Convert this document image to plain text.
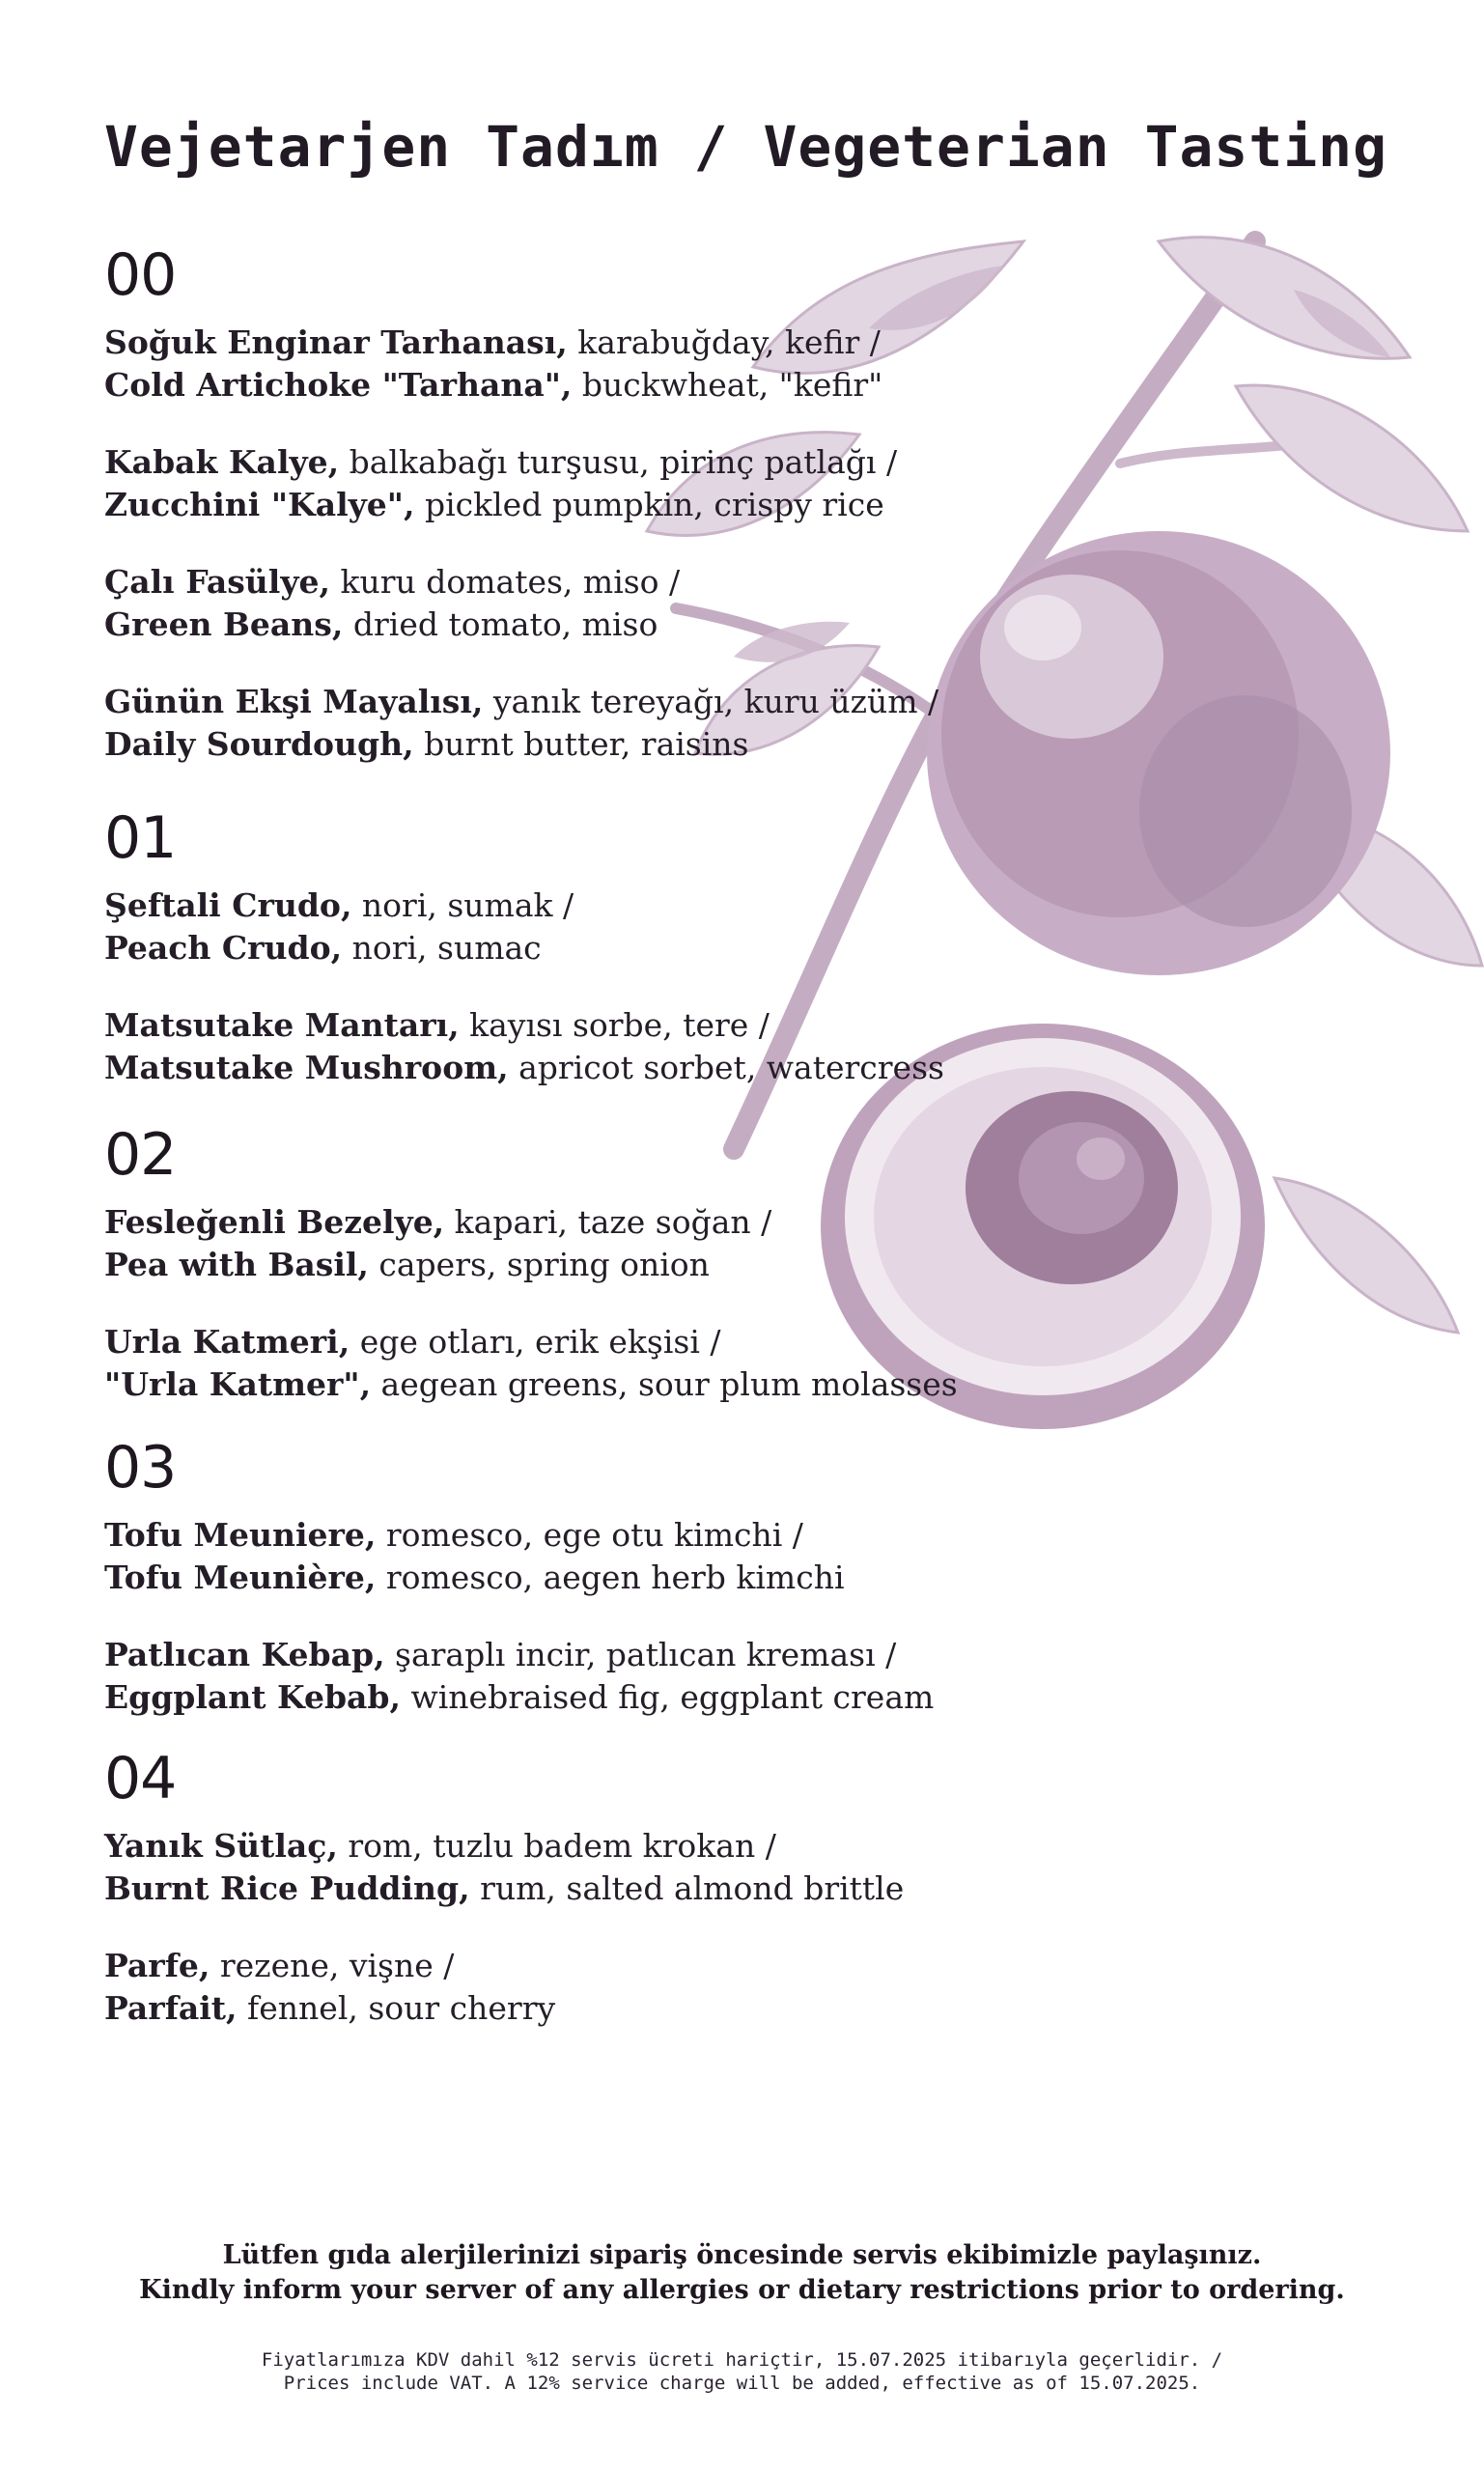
Vejetarjen Tadım / Vegeterian Tasting
00
Soğuk Enginar Tarhanası, karabuğday, kefir /
Cold Artichoke "Tarhana", buckwheat, "kefir"
Kabak Kalye, balkabağı turşusu, pirinç patlağı /
Zucchini "Kalye", pickled pumpkin, crispy rice
Çalı Fasülye, kuru domates, miso /
Green Beans, dried tomato, miso
Günün Ekşi Mayalısı, yanık tereyağı, kuru üzüm /
Daily Sourdough, burnt butter, raisins
01
Şeftali Crudo, nori, sumak /
Peach Crudo, nori, sumac
Matsutake Mantarı, kayısı sorbe, tere /
Matsutake Mushroom, apricot sorbet, watercress
02
Fesleğenli Bezelye, kapari, taze soğan /
Pea with Basil, capers, spring onion
Urla Katmeri, ege otları, erik ekşisi /
"Urla Katmer", aegean greens, sour plum molasses
03
Tofu Meuniere, romesco, ege otu kimchi /
Tofu Meunière, romesco, aegen herb kimchi
Patlıcan Kebap, şaraplı incir, patlıcan kreması /
Eggplant Kebab, winebraised fig, eggplant cream
04
Yanık Sütlaç, rom, tuzlu badem krokan /
Burnt Rice Pudding, rum, salted almond brittle
Parfe, rezene, vişne /
Parfait, fennel, sour cherry
Lütfen gıda alerjilerinizi sipariş öncesinde servis ekibimizle paylaşınız.
Kindly inform your server of any allergies or dietary restrictions prior to ordering.
Fiyatlarımıza KDV dahil %12 servis ücreti hariçtir, 15.07.2025 itibarıyla geçerlidir. /
Prices include VAT. A 12% service charge will be added, effective as of 15.07.2025.
